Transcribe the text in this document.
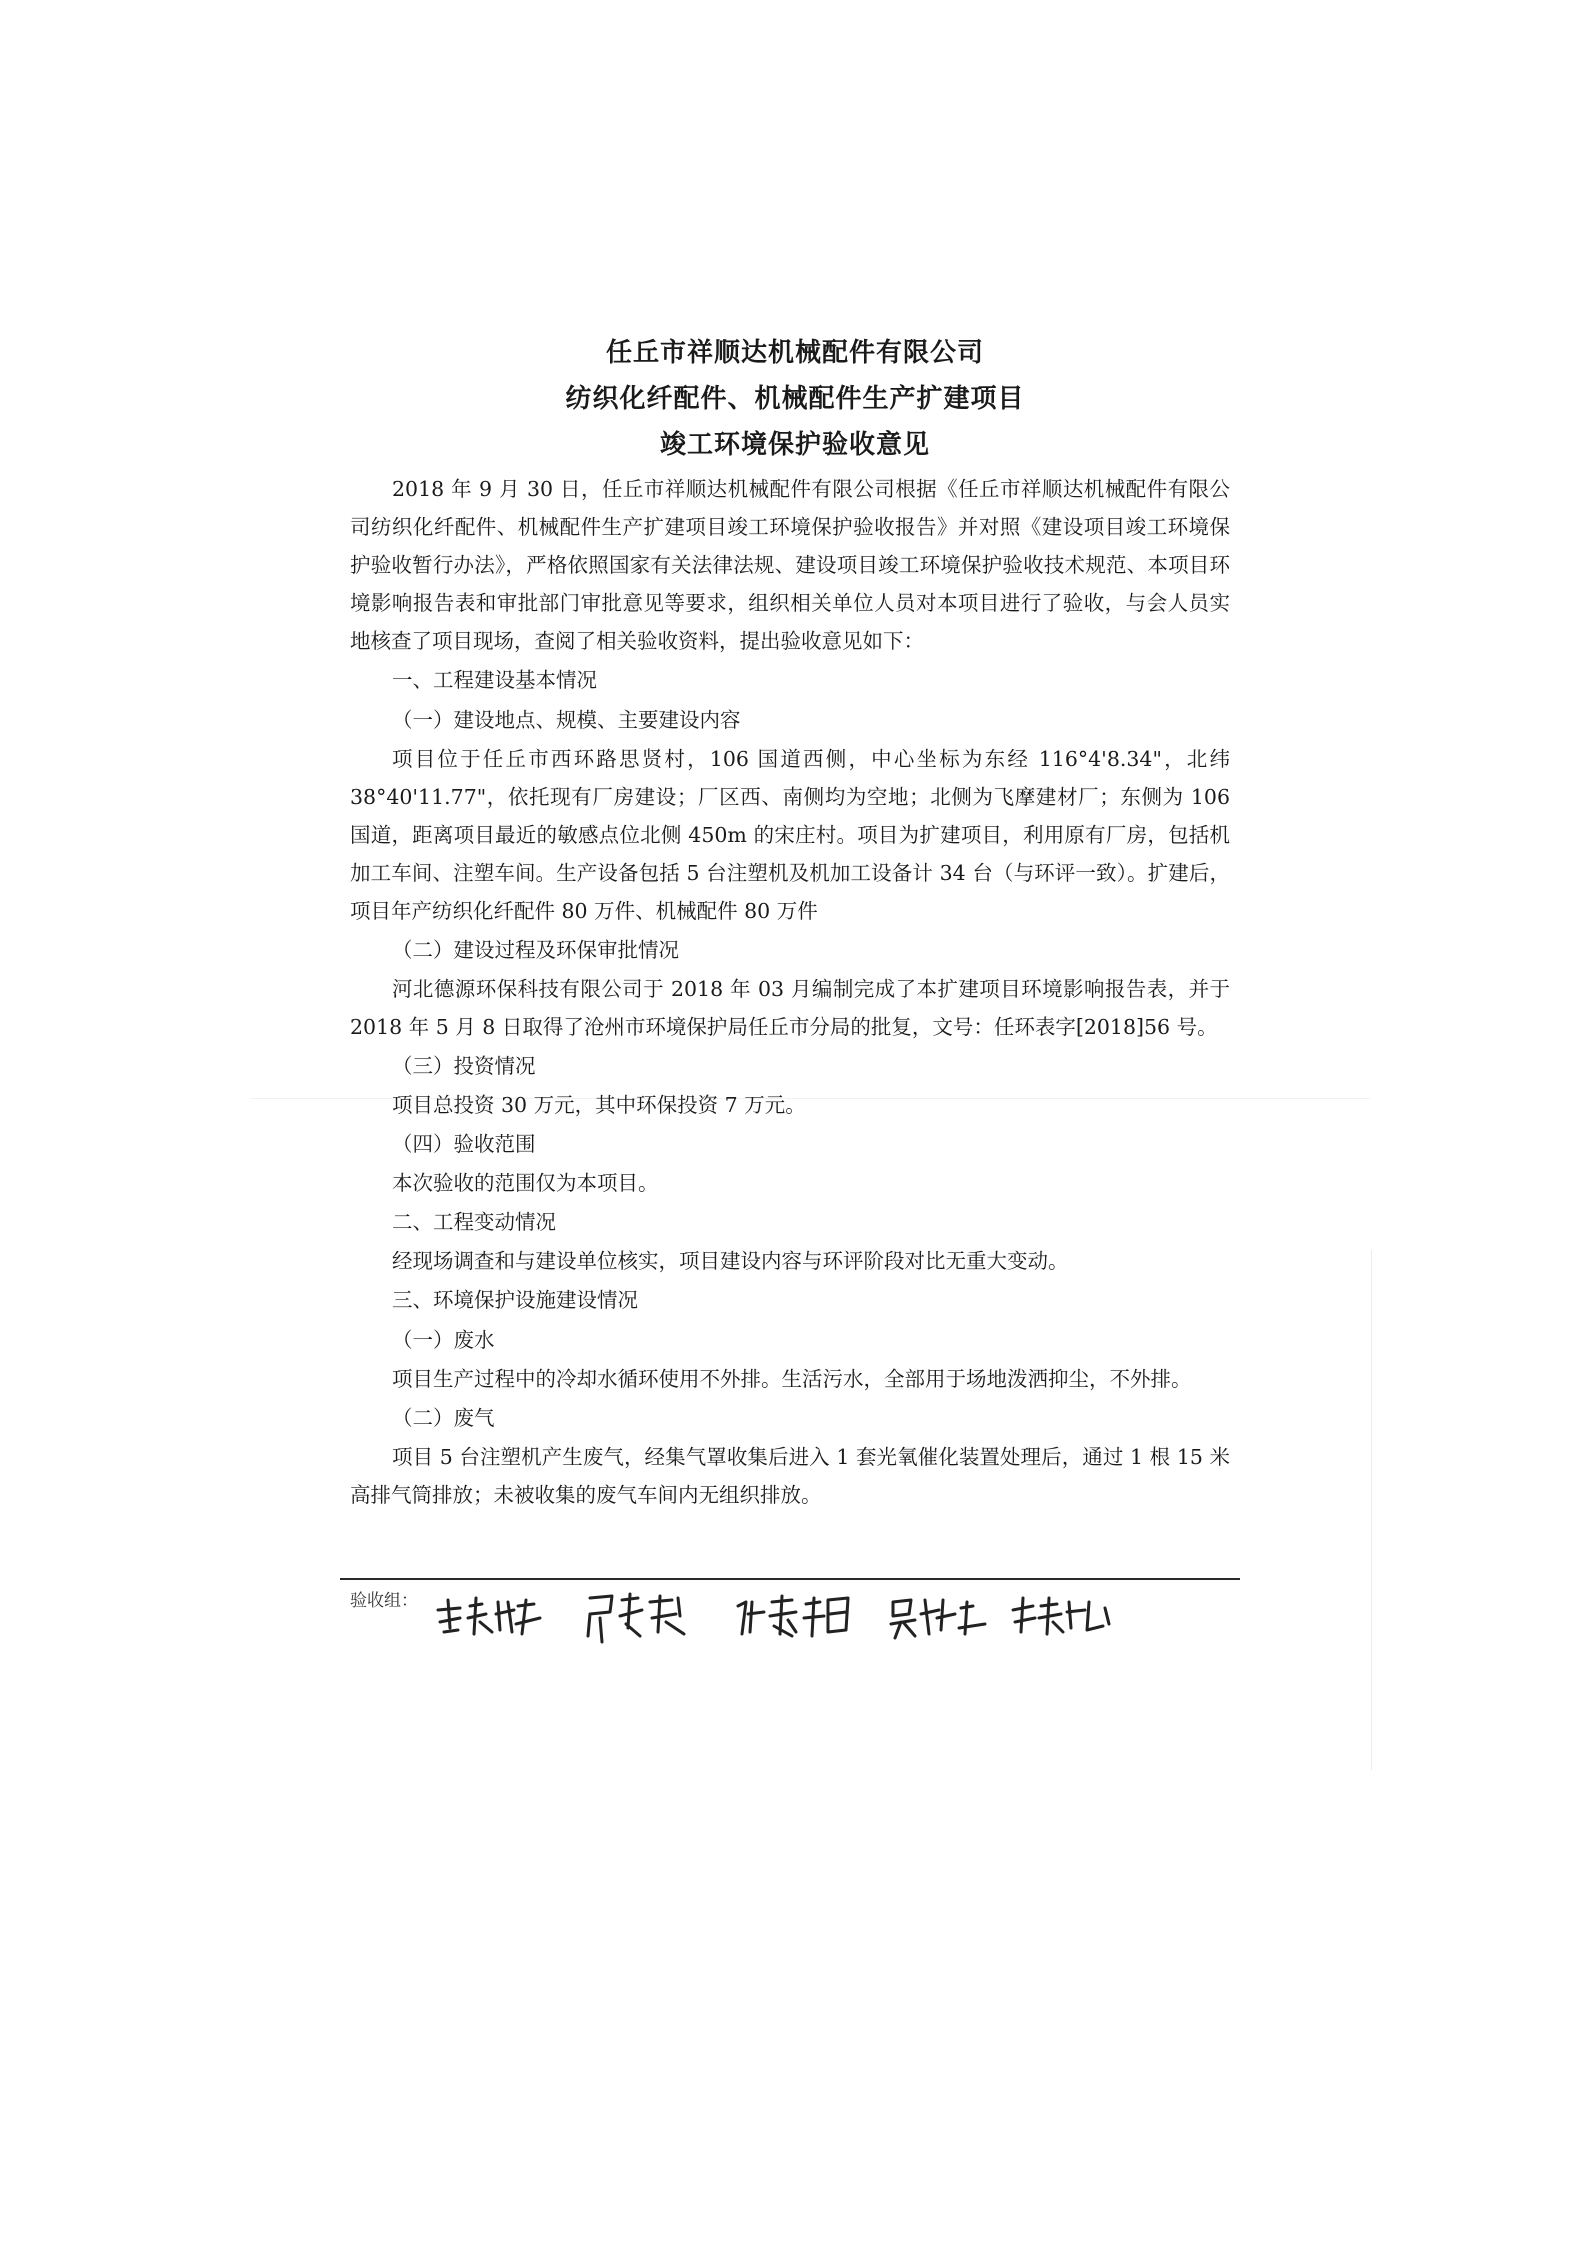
任丘市祥顺达机械配件有限公司
纺织化纤配件、机械配件生产扩建项目
竣工环境保护验收意见

2018 年 9 月 30 日，任丘市祥顺达机械配件有限公司根据《任丘市祥顺达机械配件有限公司纺织化纤配件、机械配件生产扩建项目竣工环境保护验收报告》并对照《建设项目竣工环境保护验收暂行办法》，严格依照国家有关法律法规、建设项目竣工环境保护验收技术规范、本项目环境影响报告表和审批部门审批意见等要求，组织相关单位人员对本项目进行了验收，与会人员实地核查了项目现场，查阅了相关验收资料，提出验收意见如下：

一、工程建设基本情况

（一）建设地点、规模、主要建设内容

项目位于任丘市西环路思贤村，106 国道西侧，中心坐标为东经 116°4'8.34"，北纬 38°40'11.77"，依托现有厂房建设；厂区西、南侧均为空地；北侧为飞摩建材厂；东侧为 106 国道，距离项目最近的敏感点位北侧 450m 的宋庄村。项目为扩建项目，利用原有厂房，包括机加工车间、注塑车间。生产设备包括 5 台注塑机及机加工设备计 34 台（与环评一致）。扩建后，项目年产纺织化纤配件 80 万件、机械配件 80 万件

（二）建设过程及环保审批情况

河北德源环保科技有限公司于 2018 年 03 月编制完成了本扩建项目环境影响报告表，并于 2018 年 5 月 8 日取得了沧州市环境保护局任丘市分局的批复，文号：任环表字[2018]56 号。

（三）投资情况

项目总投资 30 万元，其中环保投资 7 万元。

（四）验收范围

本次验收的范围仅为本项目。

二、工程变动情况

经现场调查和与建设单位核实，项目建设内容与环评阶段对比无重大变动。

三、环境保护设施建设情况

（一）废水

项目生产过程中的冷却水循环使用不外排。生活污水，全部用于场地泼洒抑尘，不外排。

（二）废气

项目 5 台注塑机产生废气，经集气罩收集后进入 1 套光氧催化装置处理后，通过 1 根 15 米高排气筒排放；未被收集的废气车间内无组织排放。

验收组：
